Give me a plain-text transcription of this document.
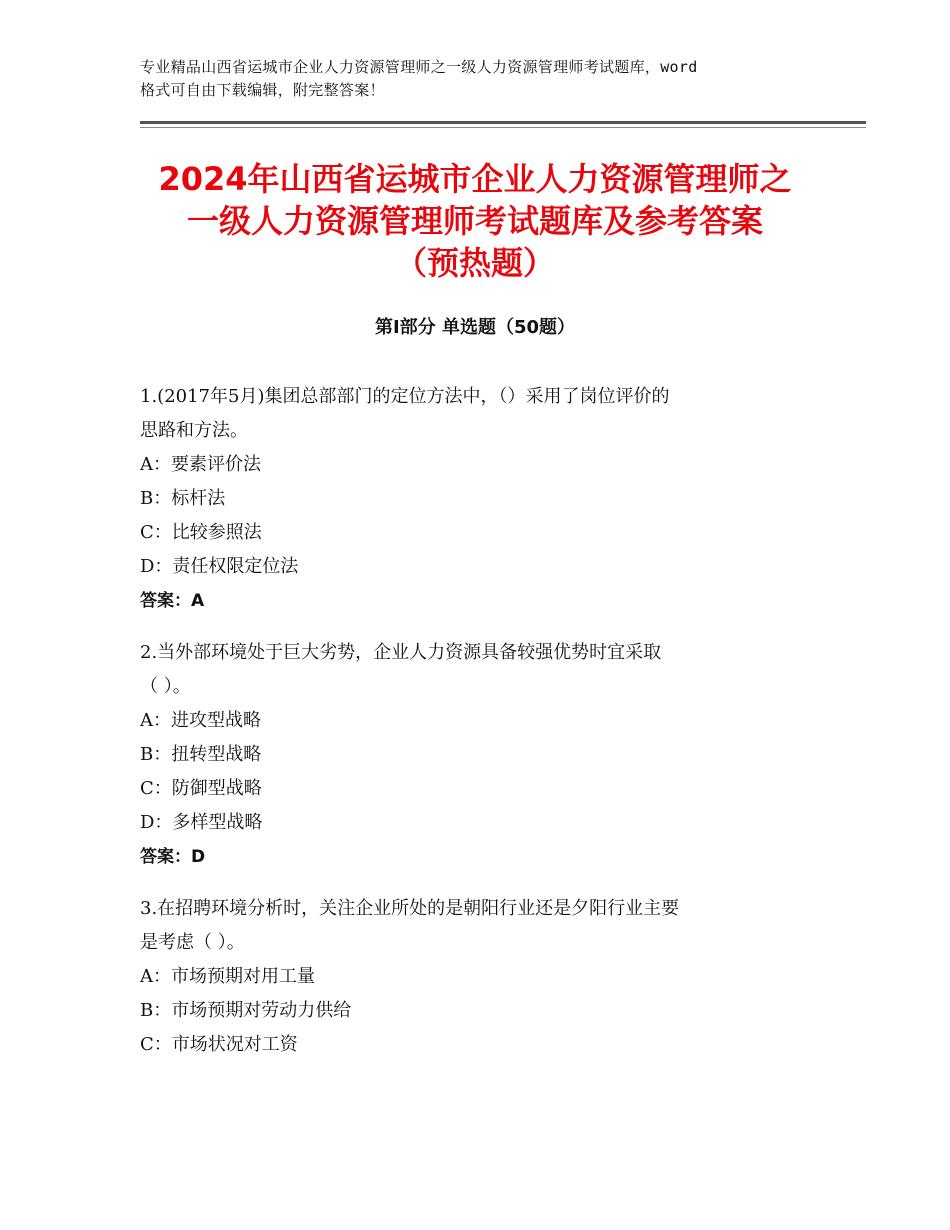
专业精品山西省运城市企业人力资源管理师之一级人力资源管理师考试题库，word
格式可自由下载编辑，附完整答案！
2024年山西省运城市企业人力资源管理师之
一级人力资源管理师考试题库及参考答案
（预热题）
第Ⅰ部分 单选题（50题）
1.(2017年5月)集团总部部门的定位方法中，（）采用了岗位评价的
思路和方法。
A：要素评价法
B：标杆法
C：比较参照法
D：责任权限定位法
答案：A
2.当外部环境处于巨大劣势，企业人力资源具备较强优势时宜采取
（ ）。
A：进攻型战略
B：扭转型战略
C：防御型战略
D：多样型战略
答案：D
3.在招聘环境分析时，关注企业所处的是朝阳行业还是夕阳行业主要
是考虑（ ）。
A：市场预期对用工量
B：市场预期对劳动力供给
C：市场状况对工资
